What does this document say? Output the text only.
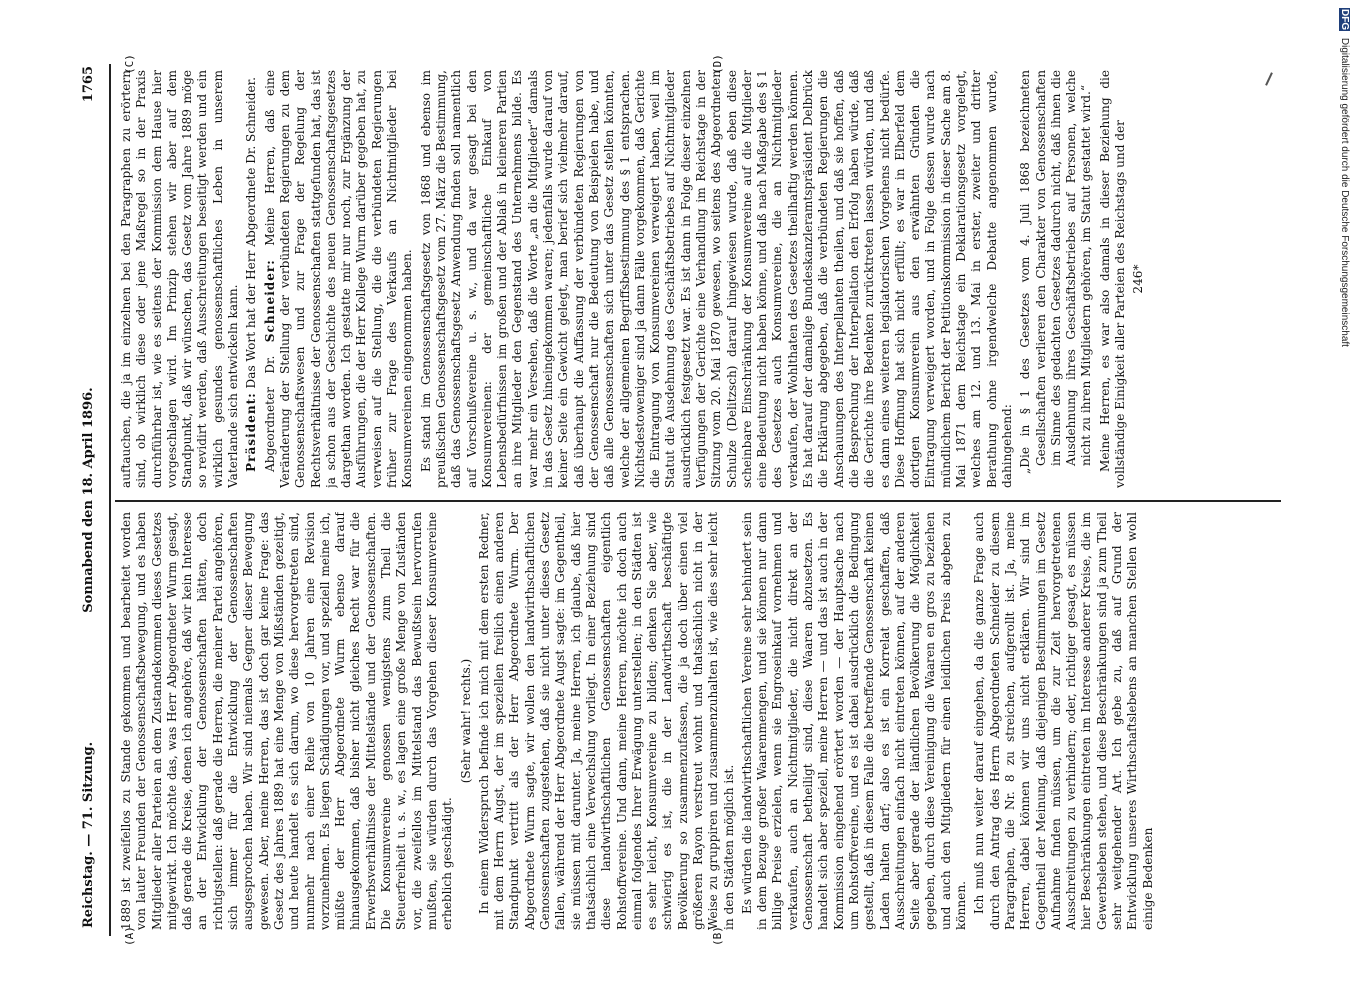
Reichstag. — 71. Sitzung.
Sonnabend den 18. April 1896.
1765
(A)	(B)
(C)	(D)

1889 ist zweifellos zu Stande gekommen und bearbeitet worden von lauter Freunden der Genossenschaftsbewegung, und es haben Mitglieder aller Parteien an dem Zustandekommen dieses Gesetzes mitgewirkt. Ich möchte das, was Herr Abgeordneter Wurm gesagt, daß gerade die Kreise, denen ich angehöre, daß wir kein Interesse an der Entwicklung der Genossenschaften hätten, doch richtigstellen: daß gerade die Herren, die meiner Partei angehören, sich immer für die Entwicklung der Genossenschaften ausgesprochen haben. Wir sind niemals Gegner dieser Bewegung gewesen. Aber, meine Herren, das ist doch gar keine Frage: das Gesetz des Jahres 1889 hat eine Menge von Mißständen gezeitigt, und heute handelt es sich darum, wo diese hervorgetreten sind, nunmehr nach einer Reihe von 10 Jahren eine Revision vorzunehmen. Es liegen Schädigungen vor, und speziell meine ich, müßte der Herr Abgeordnete Wurm ebenso darauf hinausgekommen, daß bisher nicht gleiches Recht war für die Erwerbsverhältnisse der Mittelstände und der Genossenschaften. Die Konsumvereine genossen wenigstens zum Theil die Steuerfreiheit u. s. w., es lagen eine große Menge von Zuständen vor, die zweifellos im Mittelstand das Bewußtsein hervorrufen mußten, sie würden durch das Vorgehen dieser Konsumvereine erheblich geschädigt.

(Sehr wahr! rechts.) In einem Widerspruch befinde ich mich mit dem ersten Redner, mit dem Herrn Augst, der im speziellen freilich einen anderen Standpunkt vertritt als der Herr Abgeordnete Wurm. Der Abgeordnete Wurm sagte, wir wollen den landwirthschaftlichen Genossenschaften zugestehen, daß sie nicht unter dieses Gesetz fallen, während der Herr Abgeordnete Augst sagte: im Gegentheil, sie müssen mit darunter. Ja, meine Herren, ich glaube, daß hier thatsächlich eine Verwechslung vorliegt. In einer Beziehung sind diese landwirthschaftlichen Genossenschaften eigentlich Rohstoffvereine. Und dann, meine Herren, möchte ich doch auch einmal folgendes Ihrer Erwägung unterstellen; in den Städten ist es sehr leicht, Konsumvereine zu bilden; denken Sie aber, wie schwierig es ist, die in der Landwirthschaft beschäftigte Bevölkerung so zusammenzufassen, die ja doch über einen viel größeren Rayon verstreut wohnt und thatsächlich nicht in der Weise zu gruppiren und zusammenzuhalten ist, wie dies sehr leicht in den Städten möglich ist. Es würden die landwirthschaftlichen Vereine sehr behindert sein in dem Bezuge großer Waarenmengen, und sie können nur dann billige Preise erzielen, wenn sie Engroseinkauf vornehmen und verkaufen, auch an Nichtmitglieder, die nicht direkt an der Genossenschaft betheiligt sind, diese Waaren abzusetzen. Es handelt sich aber speziell, meine Herren — und das ist auch in der Kommission eingehend erörtert worden — der Hauptsache nach um Rohstoffvereine, und es ist dabei ausdrücklich die Bedingung gestellt, daß in diesem Falle die betreffende Genossenschaft keinen Laden halten darf; also es ist ein Korrelat geschaffen, daß Ausschreitungen einfach nicht eintreten können, auf der anderen Seite aber gerade der ländlichen Bevölkerung die Möglichkeit gegeben, durch diese Vereinigung die Waaren en gros zu beziehen und auch den Mitgliedern für einen leidlichen Preis abgeben zu können. Ich muß nun weiter darauf eingehen, da die ganze Frage auch durch den Antrag des Herrn Abgeordneten Schneider zu diesem Paragraphen, die Nr. 8 zu streichen, aufgerollt ist. Ja, meine Herren, dabei können wir uns nicht erklären. Wir sind im Gegentheil der Meinung, daß diejenigen Bestimmungen im Gesetz Aufnahme finden müssen, um die zur Zeit hervorgetretenen Ausschreitungen zu verhindern; oder, richtiger gesagt, es müssen hier Beschränkungen eintreten im Interesse anderer Kreise, die im Gewerbsleben stehen, und diese Beschränkungen sind ja zum Theil sehr weitgehender Art. Ich gebe zu, daß auf Grund der Entwicklung unseres Wirthschaftslebens an manchen Stellen wohl einige Bedenken

auftauchen, die ja im einzelnen bei den Paragraphen zu erörtern sind, ob wirklich diese oder jene Maßregel so in der Praxis durchführbar ist, wie es seitens der Kommission dem Hause hier vorgeschlagen wird. Im Prinzip stehen wir aber auf dem Standpunkt, daß wir wünschen, das Gesetz vom Jahre 1889 möge so revidirt werden, daß Ausschreitungen beseitigt werden und ein wirklich gesundes genossenschaftliches Leben in unserem Vaterlande sich entwickeln kann. Präsident: Das Wort hat der Herr Abgeordnete Dr. Schneider.

Abgeordneter Dr. Schneider: Meine Herren, daß eine Veränderung der Stellung der verbündeten Regierungen zu dem Genossenschaftswesen und zur Frage der Regelung der Rechtsverhältnisse der Genossenschaften stattgefunden hat, das ist ja schon aus der Geschichte des neuen Genossenschaftsgesetzes dargethan worden. Ich gestatte mir nur noch, zur Ergänzung der Ausführungen, die der Herr Kollege Wurm darüber gegeben hat, zu verweisen auf die Stellung, die die verbündeten Regierungen früher zur Frage des Verkaufs an Nichtmitglieder bei Konsumvereinen eingenommen haben. Es stand im Genossenschaftsgesetz von 1868 und ebenso im preußischen Genossenschaftsgesetz vom 27. März die Bestimmung, daß das Genossenschaftsgesetz Anwendung finden soll namentlich auf Vorschußvereine u. s. w., und da war gesagt bei den Konsumvereinen: der gemeinschaftliche Einkauf von Lebensbedürfnissen im großen und der Ablaß in kleineren Partien an ihre Mitglieder den Gegenstand des Unternehmens bilde. Es war mehr ein Versehen, daß die Worte „an die Mitglieder“ damals in das Gesetz hineingekommen waren; jedenfalls wurde darauf von keiner Seite ein Gewicht gelegt, man berief sich vielmehr darauf, daß überhaupt die Auffassung der verbündeten Regierungen von der Genossenschaft nur die Bedeutung von Beispielen habe, und daß alle Genossenschaften sich unter das Gesetz stellen könnten, welche der allgemeinen Begriffsbestimmung des § 1 entsprachen. Nichtsdestoweniger sind ja dann Fälle vorgekommen, daß Gerichte die Eintragung von Konsumvereinen verweigert haben, weil im Statut die Ausdehnung des Geschäftsbetriebes auf Nichtmitglieder ausdrücklich festgesetzt war. Es ist dann in Folge dieser einzelnen Verfügungen der Gerichte eine Verhandlung im Reichstage in der Sitzung vom 20. Mai 1870 gewesen, wo seitens des Abgeordneten Schulze (Delitzsch) darauf hingewiesen wurde, daß eben diese scheinbare Einschränkung der Konsumvereine auf die Mitglieder eine Bedeutung nicht haben könne, und daß nach Maßgabe des § 1 des Gesetzes auch Konsumvereine, die an Nichtmitglieder verkaufen, der Wohlthaten des Gesetzes theilhaftig werden können. Es hat darauf der damalige Bundeskanzleramtspräsident Delbrück die Erklärung abgegeben, daß die verbündeten Regierungen die Anschauungen des Interpellanten theilen, und daß sie hoffen, daß die Besprechung der Interpellation den Erfolg haben würde, daß die Gerichte ihre Bedenken zurücktreten lassen würden, und daß es dann eines weiteren legislatorischen Vorgehens nicht bedürfe. Diese Hoffnung hat sich nicht erfüllt; es war in Elberfeld dem dortigen Konsumverein aus den erwähnten Gründen die Eintragung verweigert worden, und in Folge dessen wurde nach mündlichem Bericht der Petitionskommission in dieser Sache am 8. Mai 1871 dem Reichstage ein Deklarationsgesetz vorgelegt, welches am 12. und 13. Mai in erster, zweiter und dritter Berathung ohne irgendwelche Debatte angenommen wurde, dahingehend: „Die in § 1 des Gesetzes vom 4. Juli 1868 bezeichneten Gesellschaften verlieren den Charakter von Genossenschaften im Sinne des gedachten Gesetzes dadurch nicht, daß ihnen die Ausdehnung ihres Geschäftsbetriebes auf Personen, welche nicht zu ihren Mitgliedern gehören, im Statut gestattet wird.“ Meine Herren, es war also damals in dieser Beziehung die vollständige Einigkeit aller Parteien des Reichstags und der 246*

DFG Digitalisierung gefördert durch die Deutsche Forschungsgemeinschaft
